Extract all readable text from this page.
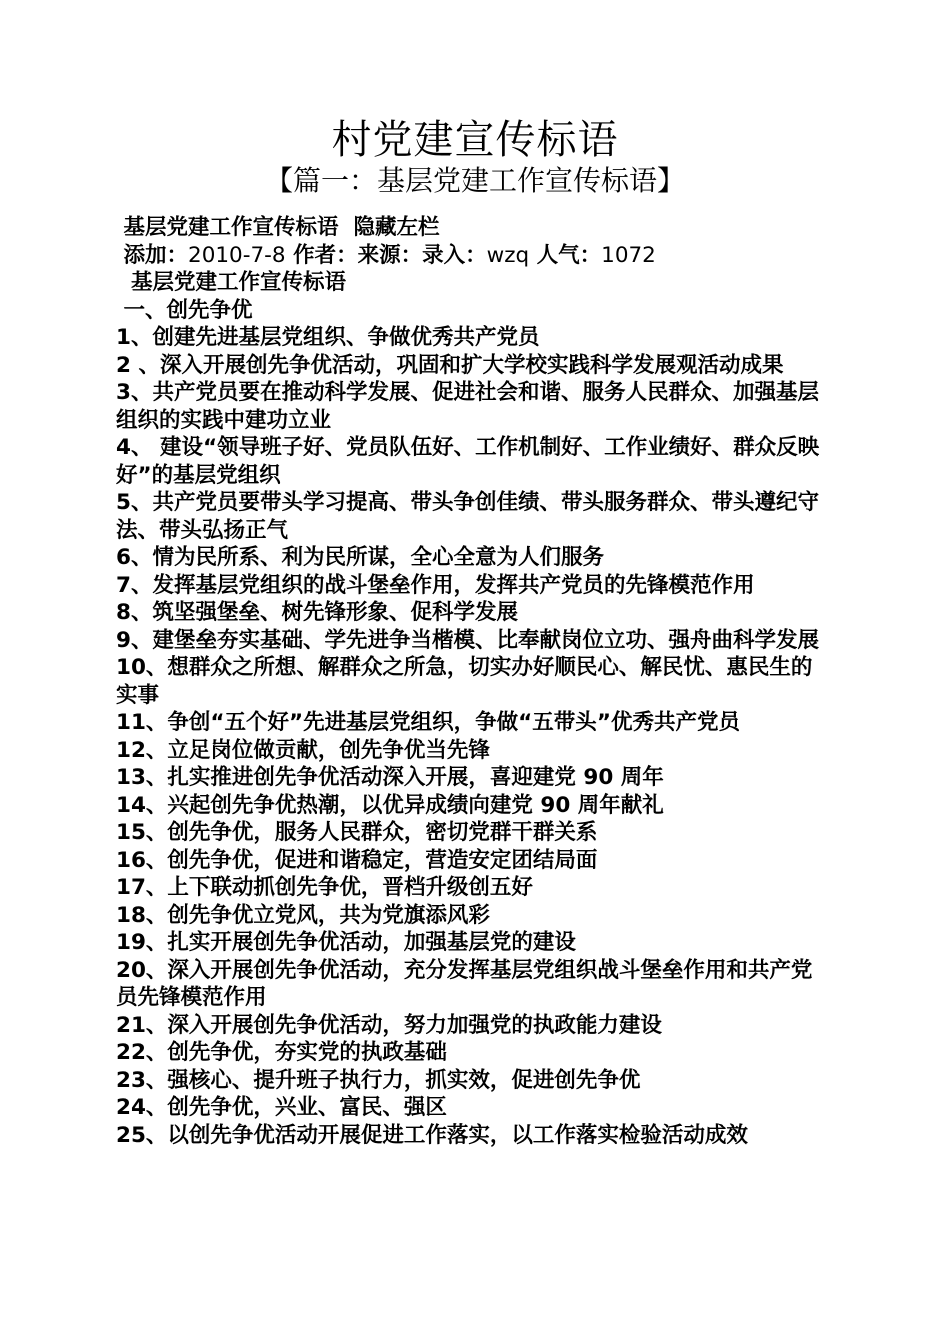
村党建宣传标语
【篇一：基层党建工作宣传标语】
基层党建工作宣传标语  隐藏左栏
添加：2010-7-8 作者：来源：录入：wzq 人气：1072
基层党建工作宣传标语
一、创先争优
1、创建先进基层党组织、争做优秀共产党员
2 、深入开展创先争优活动，巩固和扩大学校实践科学发展观活动成果
3、共产党员要在推动科学发展、促进社会和谐、服务人民群众、加强基层组织的实践中建功立业
4、 建设“领导班子好、党员队伍好、工作机制好、工作业绩好、群众反映好”的基层党组织
5、共产党员要带头学习提高、带头争创佳绩、带头服务群众、带头遵纪守法、带头弘扬正气
6、情为民所系、利为民所谋，全心全意为人们服务
7、发挥基层党组织的战斗堡垒作用，发挥共产党员的先锋模范作用
8、筑坚强堡垒、树先锋形象、促科学发展
9、建堡垒夯实基础、学先进争当楷模、比奉献岗位立功、强舟曲科学发展
10、想群众之所想、解群众之所急，切实办好顺民心、解民忧、惠民生的实事
11、争创“五个好”先进基层党组织，争做“五带头”优秀共产党员
12、立足岗位做贡献，创先争优当先锋
13、扎实推进创先争优活动深入开展，喜迎建党 90 周年
14、兴起创先争优热潮，以优异成绩向建党 90 周年献礼
15、创先争优，服务人民群众，密切党群干群关系
16、创先争优，促进和谐稳定，营造安定团结局面
17、上下联动抓创先争优，晋档升级创五好
18、创先争优立党风，共为党旗添风彩
19、扎实开展创先争优活动，加强基层党的建设
20、深入开展创先争优活动，充分发挥基层党组织战斗堡垒作用和共产党员先锋模范作用
21、深入开展创先争优活动，努力加强党的执政能力建设
22、创先争优，夯实党的执政基础
23、强核心、提升班子执行力，抓实效，促进创先争优
24、创先争优，兴业、富民、强区
25、以创先争优活动开展促进工作落实，以工作落实检验活动成效
